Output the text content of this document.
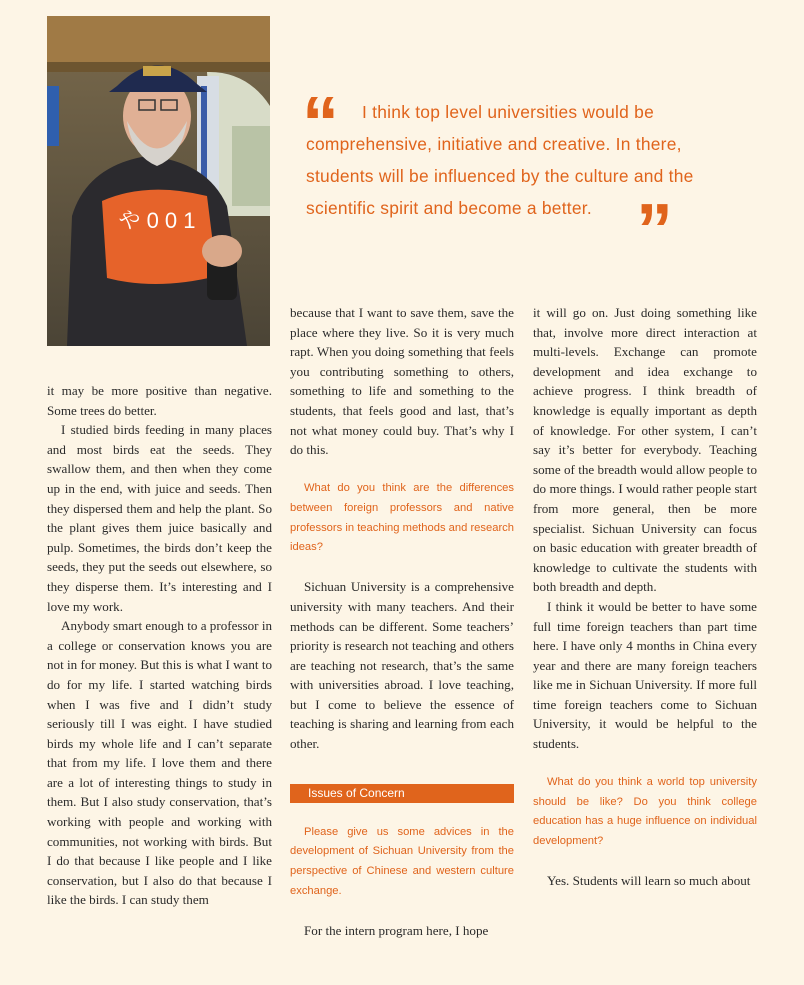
や 0 0 1
“	I think top level universities would be comprehensive, initiative and creative. In there, students will be influenced by the culture and the scientific spirit and become a better. ”

it may be more positive than negative. Some trees do better.

I studied birds feeding in many places and most birds eat the seeds. They swallow them, and then when they come up in the end, with juice and seeds. Then they dispersed them and help the plant. So the plant gives them juice basically and pulp. Sometimes, the birds don’t keep the seeds, they put the seeds out elsewhere, so they disperse them. It’s interesting and I love my work.

Anybody smart enough to a professor in a college or conservation knows you are not in for money. But this is what I want to do for my life. I started watching birds when I was five and I didn’t study seriously till I was eight. I have studied birds my whole life and I can’t separate that from my life. I love them and there are a lot of interesting things to study in them. But I also study conservation, that’s working with people and working with communities, not working with birds. But I do that because I like people and I like conservation, but I also do that because I like the birds. I can study them

because that I want to save them, save the place where they live. So it is very much rapt. When you doing something that feels you contributing something to others, something to life and something to the students, that feels good and last, that’s not what money could buy. That’s why I do this.

What do you think are the differences between foreign professors and native professors in teaching methods and research ideas?

Sichuan University is a comprehensive university with many teachers. And their methods can be different. Some teachers’ priority is research not teaching and others are teaching not research, that’s the same with universities abroad. I love teaching, but I come to believe the essence of teaching is sharing and learning from each other.

Issues of Concern

Please give us some advices in the development of Sichuan University from the perspective of Chinese and western culture exchange.

For the intern program here, I hope

it will go on. Just doing something like that, involve more direct interaction at multi-levels. Exchange can promote development and idea exchange to achieve progress. I think breadth of knowledge is equally important as depth of knowledge. For other system, I can’t say it’s better for everybody. Teaching some of the breadth would allow people to do more things. I would rather people start from more general, then be more specialist. Sichuan University can focus on basic education with greater breadth of knowledge to cultivate the students with both breadth and depth.

I think it would be better to have some full time foreign teachers than part time here. I have only 4 months in China every year and there are many foreign teachers like me in Sichuan University. If more full time foreign teachers come to Sichuan University, it would be helpful to the students.

What do you think a world top university should be like? Do you think college education has a huge influence on individual development?

Yes. Students will learn so much about
